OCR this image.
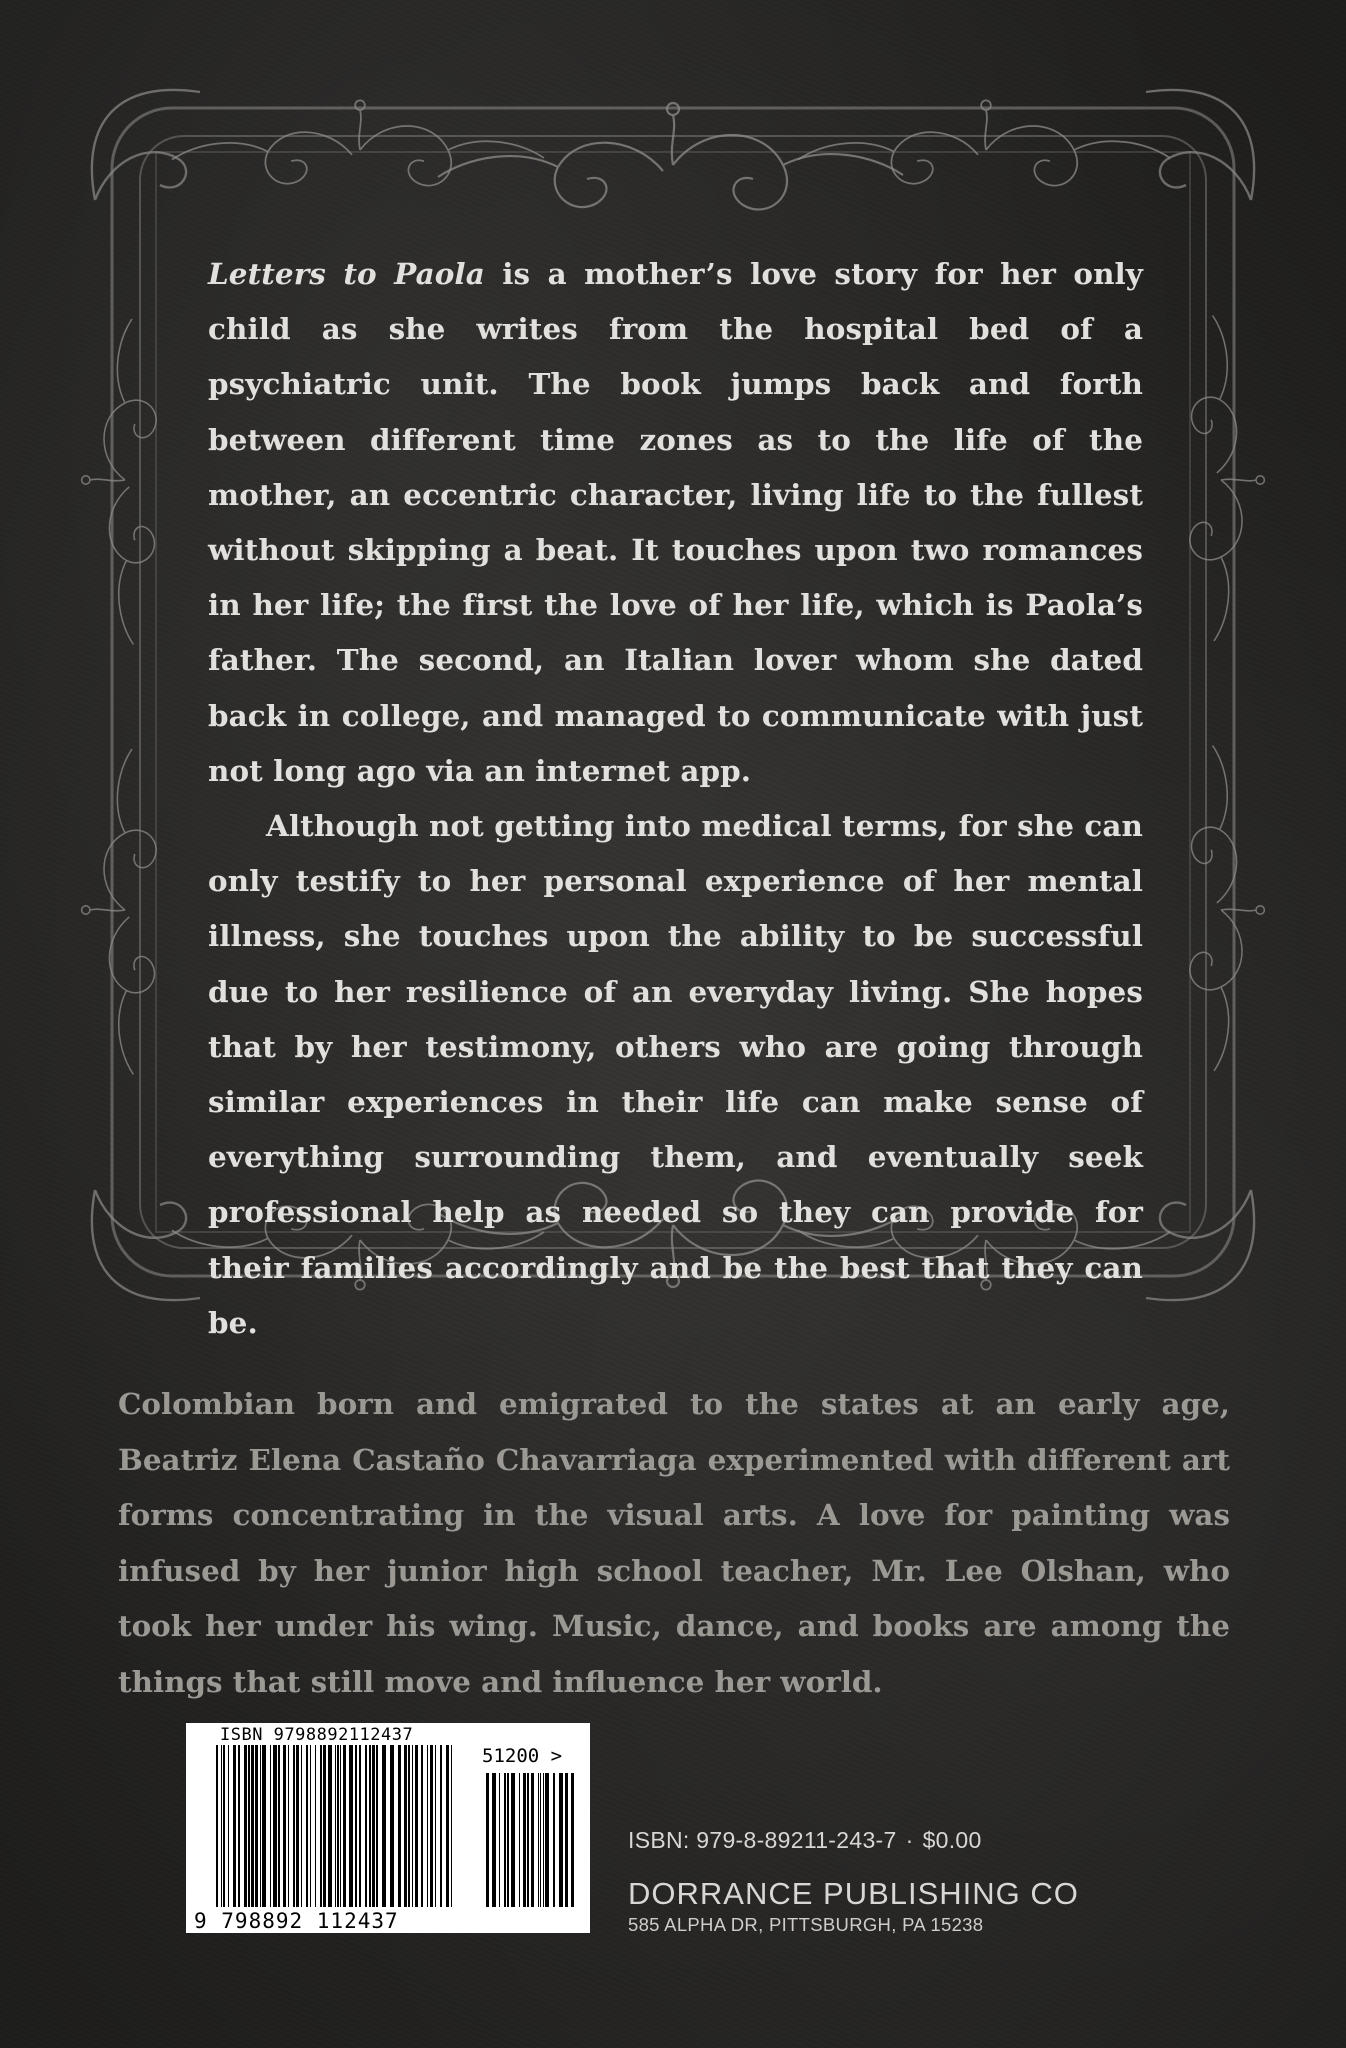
Letters to Paola is a mother’s love story for her only child as she writes from the hospital bed of a psychiatric unit. The book jumps back and forth between different time zones as to the life of the mother, an eccentric character, living life to the fullest without skipping a beat. It touches upon two romances in her life; the first the love of her life, which is Paola’s father. The second, an Italian lover whom she dated back in college, and managed to communicate with just not long ago via an internet app.

Although not getting into medical terms, for she can only testify to her personal experience of her mental illness, she touches upon the ability to be successful due to her resilience of an everyday living. She hopes that by her testimony, others who are going through similar experiences in their life can make sense of everything surrounding them, and eventually seek professional help as needed so they can provide for their families accordingly and be the best that they can be.

Colombian born and emigrated to the states at an early age, Beatriz Elena Castaño Chavarriaga experimented with different art forms concentrating in the visual arts. A love for painting was infused by her junior high school teacher, Mr. Lee Olshan, who took her under his wing. Music, dance, and books are among the things that still move and influence her world.
ISBN 9798892112437
51200 >
9 798892 112437
ISBN: 979-8-89211-243-7 · $0.00
DORRANCE PUBLISHING CO
585 ALPHA DR, PITTSBURGH, PA 15238
